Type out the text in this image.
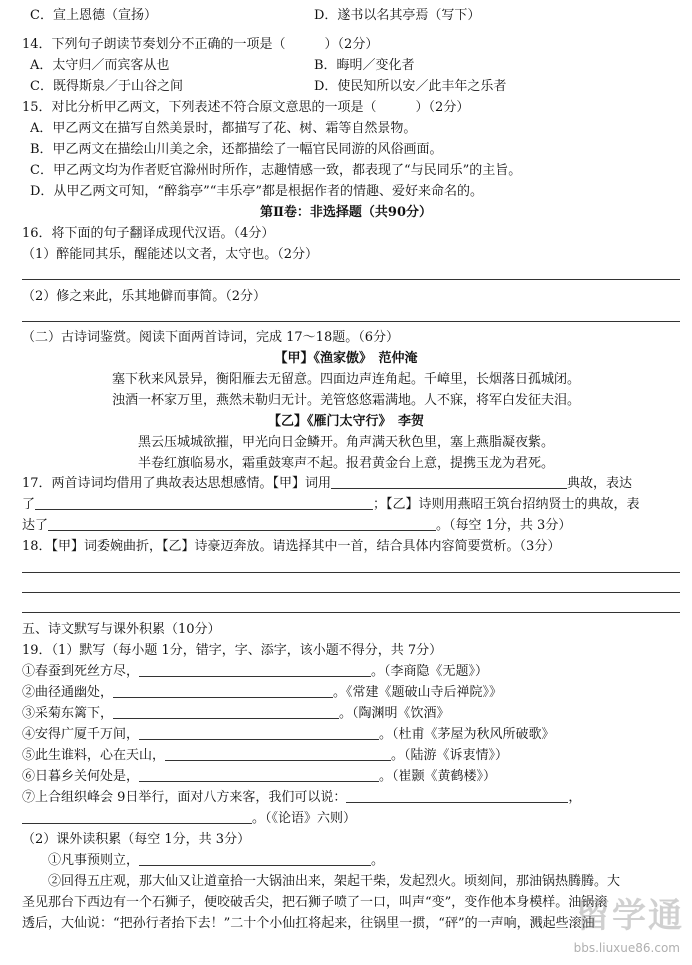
C．宣上恩德（宣扬）	D．遂书以名其亭焉（写下）
14．下列句子朗读节奏划分不正确的一项是（　　　）（2分）
A．太守归／而宾客从也	B．晦明／变化者
C．既得斯泉／于山谷之间	D．使民知所以安／此丰年之乐者
15．对比分析甲乙两文，下列表述不符合原文意思的一项是（　　　）（2分）
A．甲乙两文在描写自然美景时，都描写了花、树、霜等自然景物。
B．甲乙两文在描绘山川美之余，还都描绘了一幅官民同游的风俗画面。
C．甲乙两文均为作者贬官滁州时所作，志趣情感一致，都表现了“与民同乐”的主旨。
D．从甲乙两文可知，“醉翁亭”“丰乐亭”都是根据作者的情趣、爱好来命名的。
第Ⅱ卷：非选择题（共90分）
16．将下面的句子翻译成现代汉语。（4分）
（1）醉能同其乐，醒能述以文者，太守也。（2分）
（2）修之来此，乐其地僻而事简。（2分）
（二）古诗词鉴赏。阅读下面两首诗词，完成 17～18题。（6分）
【甲】《渔家傲》　范仲淹
塞下秋来风景异，衡阳雁去无留意。四面边声连角起。千嶂里，长烟落日孤城闭。
浊酒一杯家万里，燕然未勒归无计。羌管悠悠霜满地。人不寐，将军白发征夫泪。
【乙】《雁门太守行》　李贺
黑云压城城欲摧，甲光向日金鳞开。角声满天秋色里，塞上燕脂凝夜紫。
半卷红旗临易水，霜重鼓寒声不起。报君黄金台上意，提携玉龙为君死。
17．两首诗词均借用了典故表达思想感情。【甲】词用	典故，表达
了	；【乙】诗则用燕昭王筑台招纳贤士的典故，表
达了	。（每空 1分，共 3分）
18．【甲】词委婉曲折，【乙】诗豪迈奔放。请选择其中一首，结合具体内容简要赏析。（3分）
五、诗文默写与课外积累（10分）
19．（1）默写（每小题 1分，错字，字、添字，该小题不得分，共 7分）
①春蚕到死丝方尽，	。（李商隐《无题》）
②曲径通幽处，	。《常建《题破山寺后禅院》》
③采菊东篱下，	。（陶渊明《饮酒》
④安得广厦千万间，	。（杜甫《茅屋为秋风所破歌》
⑤此生谁料，心在天山，	。（陆游《诉衷情》）
⑥日暮乡关何处是，	。（崔颢《黄鹤楼》）
⑦上合组织峰会 9日举行，面对八方来客，我们可以说：	，
。（《论语》六则）
（2）课外读积累（每空 1分，共 3分）
①凡事预则立，	。
②回得五庄观，那大仙又让道童拾一大锅油出来，架起干柴，发起烈火。顷刻间，那油锅热腾腾。大
圣见那台下西边有一个石狮子，便咬破舌尖，把石狮子喷了一口，叫声“变”，变作他本身模样。油锅滚
透后，大仙说：“把孙行者抬下去！”二十个小仙扛将起来，往锅里一掼，“砰”的一声响，溅起些滚油
留学通
bbs.liuxue86.com
